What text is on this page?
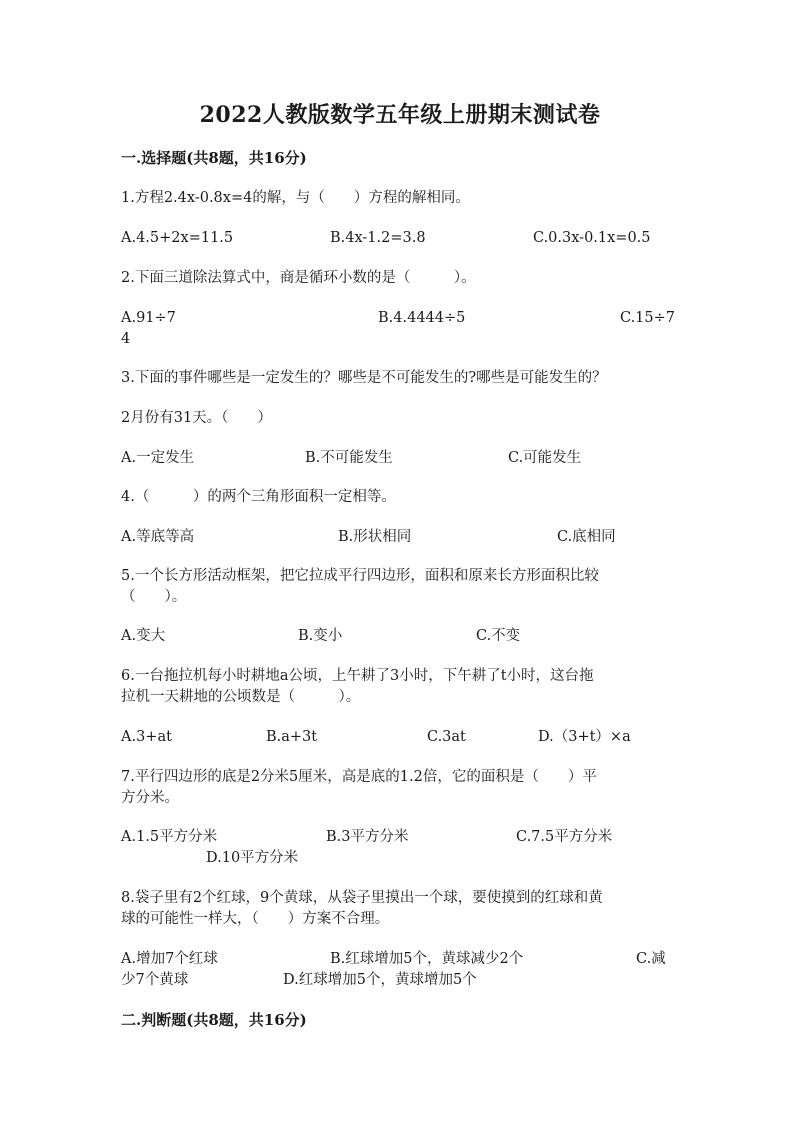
2022人教版数学五年级上册期末测试卷
一.选择题(共8题，共16分)
1.方程2.4x-0.8x=4的解，与（　　）方程的解相同。
A.4.5+2x=11.5	B.4x-1.2=3.8	C.0.3x-0.1x=0.5
2.下面三道除法算式中，商是循环小数的是（　　　）。
A.91÷7	B.4.4444÷5	C.15÷7
4
3.下面的事件哪些是一定发生的？哪些是不可能发生的?哪些是可能发生的？
2月份有31天。（　　）
A.一定发生	B.不可能发生	C.可能发生
4.（　　　）的两个三角形面积一定相等。
A.等底等高	B.形状相同	C.底相同
5.一个长方形活动框架，把它拉成平行四边形，面积和原来长方形面积比较
（　　）。
A.变大	B.变小	C.不变
6.一台拖拉机每小时耕地a公顷，上午耕了3小时，下午耕了t小时，这台拖
拉机一天耕地的公顷数是（　　　）。
A.3+at	B.a+3t	C.3at	D.（3+t）×a
7.平行四边形的底是2分米5厘米，高是底的1.2倍，它的面积是（　　）平
方分米。
A.1.5平方分米	B.3平方分米	C.7.5平方分米
D.10平方分米
8.袋子里有2个红球，9个黄球，从袋子里摸出一个球，要使摸到的红球和黄
球的可能性一样大，（　　）方案不合理。
A.增加7个红球	B.红球增加5个，黄球减少2个	C.减
少7个黄球	D.红球增加5个，黄球增加5个
二.判断题(共8题，共16分)
